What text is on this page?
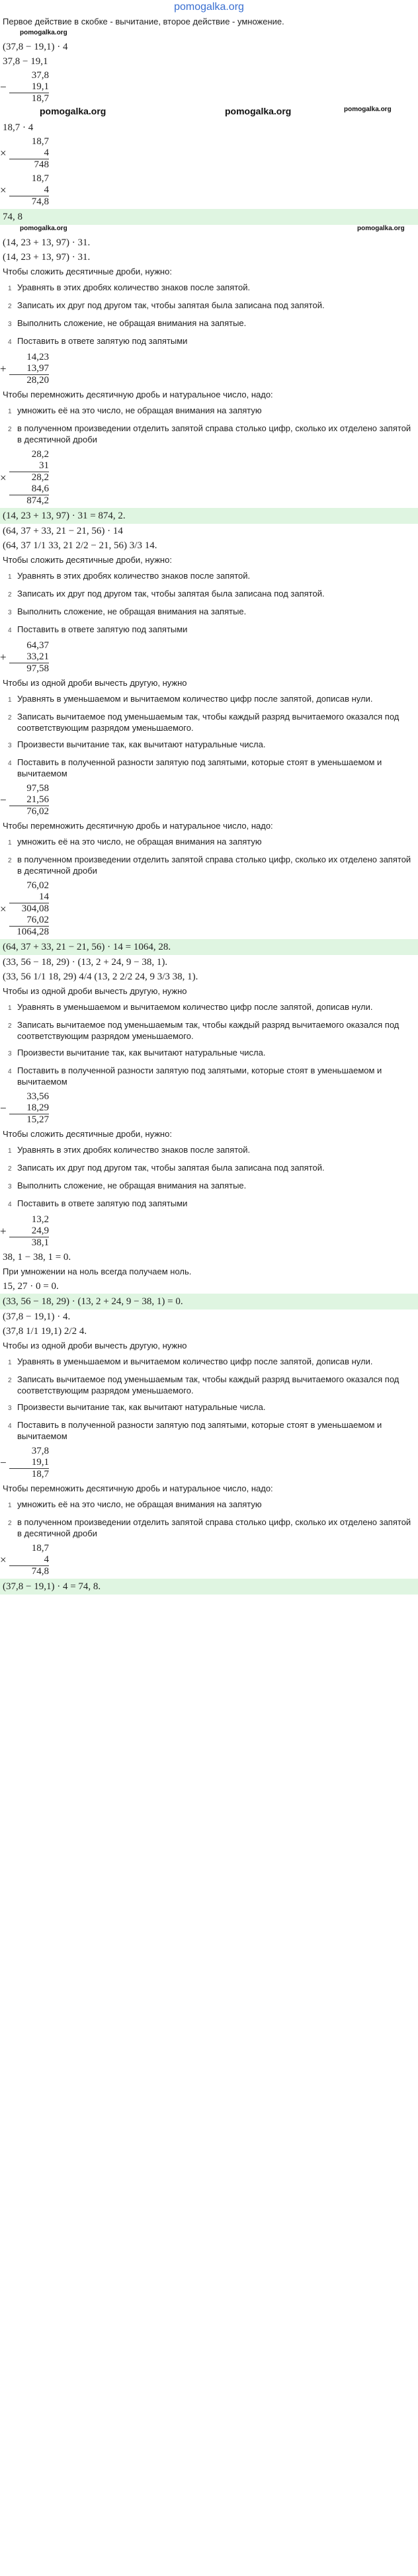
pomogalka.org
Первое действие в скобке - вычитание, второе действие - умножение.
pomogalka.org
(37,8 − 19,1) · 4
37,8 − 19,1
−
37,8
19,1
18,7
pomogalka.org	pomogalka.org	pomogalka.org
18,7 · 4
×
18,7
4
748
×
18,7
4
74,8
74, 8
pomogalka.org	pomogalka.org
(14, 23 + 13, 97) · 31.
(14, 23 + 13, 97) · 31.
Чтобы сложить десятичные дроби, нужно:
1 Уравнять в этих дробях количество знаков после запятой.
2 Записать их друг под другом так, чтобы запятая была записана под запятой.
3 Выполнить сложение, не обращая внимания на запятые.
4 Поставить в ответе запятую под запятыми
+
14,23
13,97
28,20
Чтобы перемножить десятичную дробь и натуральное число, надо:
1 умножить её на это число, не обращая внимания на запятую
2 в полученном произведении отделить запятой справа столько цифр, сколько их отделено запятой в десятичной дроби
×
28,2
31
28,2
84,6
874,2
(14, 23 + 13, 97) · 31 = 874, 2.
(64, 37 + 33, 21 − 21, 56) · 14
(64, 37 1/1 33, 21 2/2 − 21, 56) 3/3 14.
Чтобы сложить десятичные дроби, нужно:
1 Уравнять в этих дробях количество знаков после запятой.
2 Записать их друг под другом так, чтобы запятая была записана под запятой.
3 Выполнить сложение, не обращая внимания на запятые.
4 Поставить в ответе запятую под запятыми
+
64,37
33,21
97,58
Чтобы из одной дроби вычесть другую, нужно
1 Уравнять в уменьшаемом и вычитаемом количество цифр после запятой, дописав нули.
2 Записать вычитаемое под уменьшаемым так, чтобы каждый разряд вычитаемого оказался под соответствующим разрядом уменьшаемого.
3 Произвести вычитание так, как вычитают натуральные числа.
4 Поставить в полученной разности запятую под запятыми, которые стоят в уменьшаемом и вычитаемом
−
97,58
21,56
76,02
Чтобы перемножить десятичную дробь и натуральное число, надо:
1 умножить её на это число, не обращая внимания на запятую
2 в полученном произведении отделить запятой справа столько цифр, сколько их отделено запятой в десятичной дроби
×
76,02
14
304,08
76,02
1064,28
(64, 37 + 33, 21 − 21, 56) · 14 = 1064, 28.
(33, 56 − 18, 29) · (13, 2 + 24, 9 − 38, 1).
(33, 56 1/1 18, 29) 4/4 (13, 2 2/2 24, 9 3/3 38, 1).
Чтобы из одной дроби вычесть другую, нужно
1 Уравнять в уменьшаемом и вычитаемом количество цифр после запятой, дописав нули.
2 Записать вычитаемое под уменьшаемым так, чтобы каждый разряд вычитаемого оказался под соответствующим разрядом уменьшаемого.
3 Произвести вычитание так, как вычитают натуральные числа.
4 Поставить в полученной разности запятую под запятыми, которые стоят в уменьшаемом и вычитаемом
−
33,56
18,29
15,27
Чтобы сложить десятичные дроби, нужно:
1 Уравнять в этих дробях количество знаков после запятой.
2 Записать их друг под другом так, чтобы запятая была записана под запятой.
3 Выполнить сложение, не обращая внимания на запятые.
4 Поставить в ответе запятую под запятыми
+
13,2
24,9
38,1
38, 1 − 38, 1 = 0.
При умножении на ноль всегда получаем ноль.
15, 27 · 0 = 0.
(33, 56 − 18, 29) · (13, 2 + 24, 9 − 38, 1) = 0.
(37,8 − 19,1) · 4.
(37,8 1/1 19,1) 2/2 4.
Чтобы из одной дроби вычесть другую, нужно
1 Уравнять в уменьшаемом и вычитаемом количество цифр после запятой, дописав нули.
2 Записать вычитаемое под уменьшаемым так, чтобы каждый разряд вычитаемого оказался под соответствующим разрядом уменьшаемого.
3 Произвести вычитание так, как вычитают натуральные числа.
4 Поставить в полученной разности запятую под запятыми, которые стоят в уменьшаемом и вычитаемом
−
37,8
19,1
18,7
Чтобы перемножить десятичную дробь и натуральное число, надо:
1 умножить её на это число, не обращая внимания на запятую
2 в полученном произведении отделить запятой справа столько цифр, сколько их отделено запятой в десятичной дроби
×
18,7
4
74,8
(37,8 − 19,1) · 4 = 74, 8.
